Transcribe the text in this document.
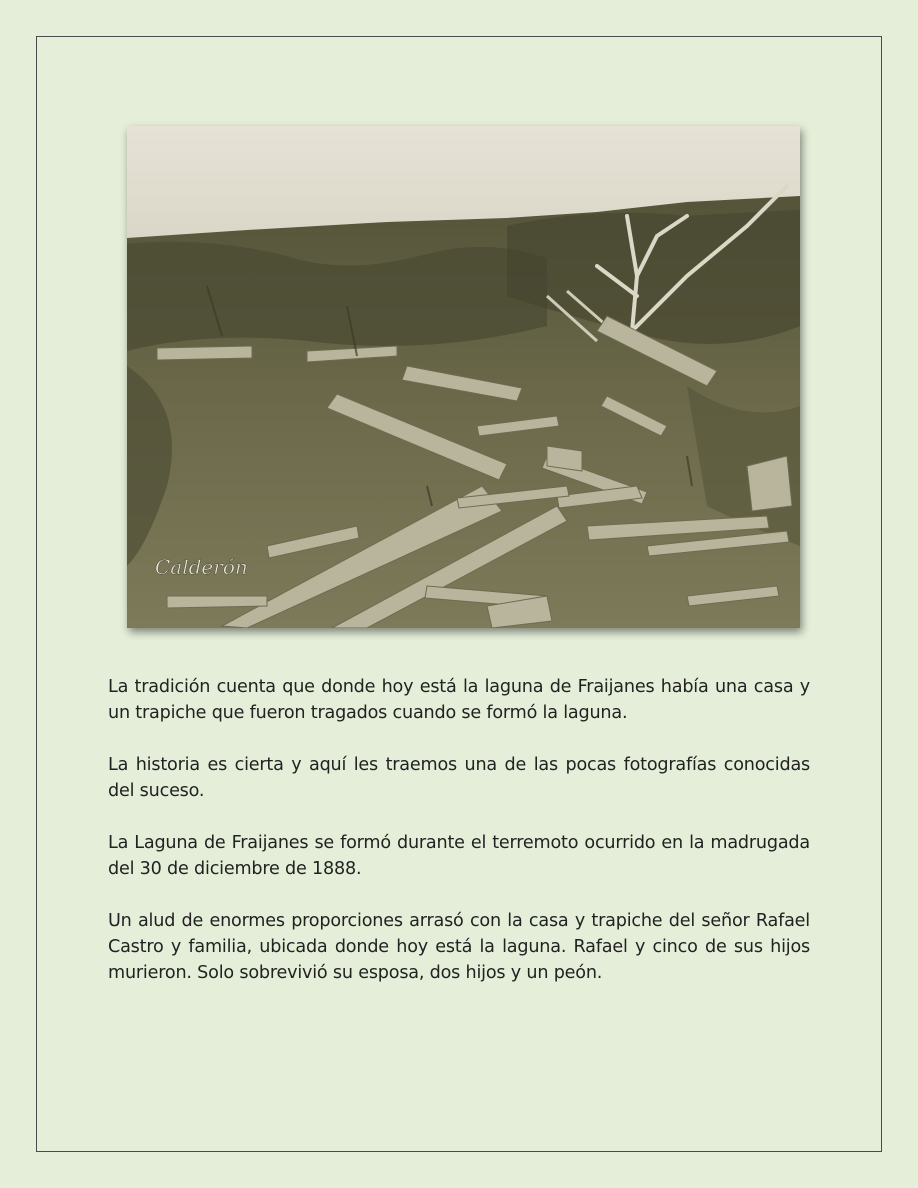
Calderón

La tradición cuenta que donde hoy está la laguna de Fraijanes había una casa y un trapiche que fueron tragados cuando se formó la laguna.

La historia es cierta y aquí les traemos una de las pocas fotografías conocidas del suceso.

La Laguna de Fraijanes se formó durante el terremoto ocurrido en la madrugada del 30 de diciembre de 1888.

Un alud de enormes proporciones arrasó con la casa y trapiche del señor Rafael Castro y familia, ubicada donde hoy está la laguna. Rafael y cinco de sus hijos murieron. Solo sobrevivió su esposa, dos hijos y un peón.
